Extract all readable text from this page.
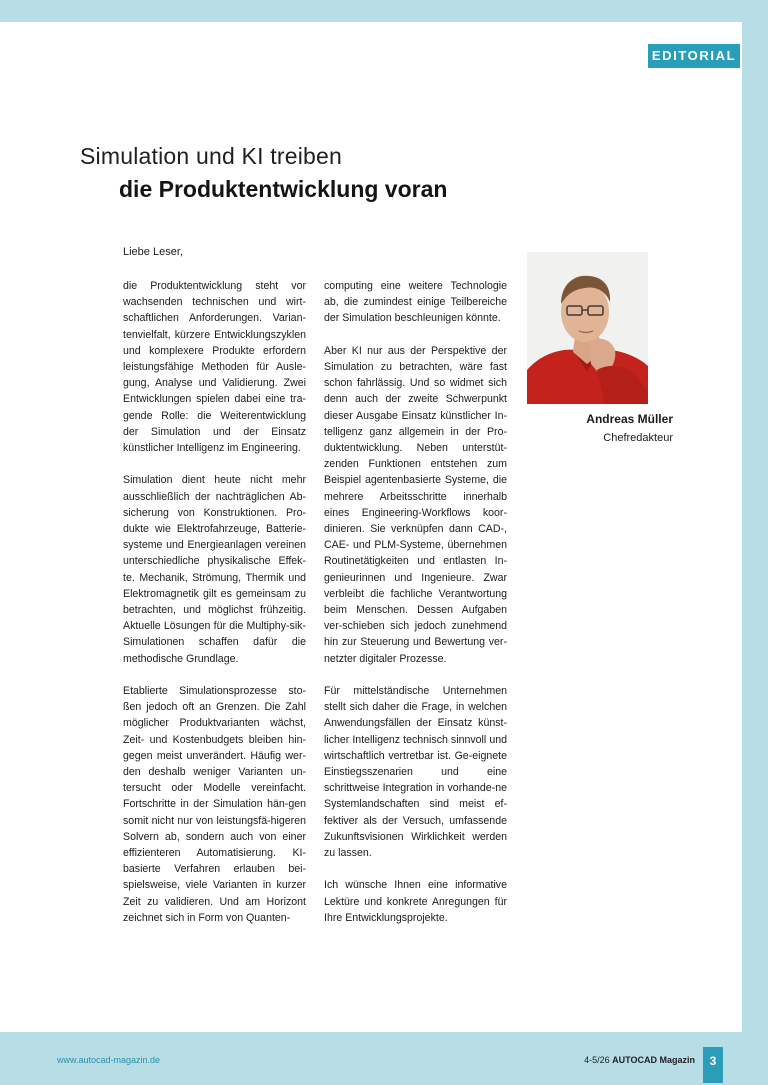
EDITORIAL
Simulation und KI treiben
die Produktentwicklung voran
Liebe Leser,

die Produktentwicklung steht vor wachsenden technischen und wirt-schaftlichen Anforderungen. Varian-tenvielfalt, kürzere Entwicklungszyklen und komplexere Produkte erfordern leistungsfähige Methoden für Ausle-gung, Analyse und Validierung. Zwei Entwicklungen spielen dabei eine tra-gende Rolle: die Weiterentwicklung der Simulation und der Einsatz künstlicher Intelligenz im Engineering.

Simulation dient heute nicht mehr ausschließlich der nachträglichen Ab-sicherung von Konstruktionen. Pro-dukte wie Elektrofahrzeuge, Batterie-systeme und Energieanlagen vereinen unterschiedliche physikalische Effek-te. Mechanik, Strömung, Thermik und Elektromagnetik gilt es gemeinsam zu betrachten, und möglichst frühzeitig. Aktuelle Lösungen für die Multiphy-sik-Simulationen schaffen dafür die methodische Grundlage.

Etablierte Simulationsprozesse sto-ßen jedoch oft an Grenzen. Die Zahl möglicher Produktvarianten wächst, Zeit- und Kostenbudgets bleiben hin-gegen meist unverändert. Häufig wer-den deshalb weniger Varianten un-tersucht oder Modelle vereinfacht. Fortschritte in der Simulation hän-gen somit nicht nur von leistungsfä-higeren Solvern ab, sondern auch von einer effizienteren Automatisierung. KI-basierte Verfahren erlauben bei-spielsweise, viele Varianten in kurzer Zeit zu validieren. Und am Horizont zeichnet sich in Form von Quanten-

computing eine weitere Technologie ab, die zumindest einige Teilbereiche der Simulation beschleunigen könnte.

Aber KI nur aus der Perspektive der Simulation zu betrachten, wäre fast schon fahrlässig. Und so widmet sich denn auch der zweite Schwerpunkt dieser Ausgabe Einsatz künstlicher In-telligenz ganz allgemein in der Pro-duktentwicklung. Neben unterstüt-zenden Funktionen entstehen zum Beispiel agentenbasierte Systeme, die mehrere Arbeitsschritte innerhalb eines Engineering-Workflows koor-dinieren. Sie verknüpfen dann CAD-, CAE- und PLM-Systeme, übernehmen Routinetätigkeiten und entlasten In-genieurinnen und Ingenieure. Zwar verbleibt die fachliche Verantwortung beim Menschen. Dessen Aufgaben ver-schieben sich jedoch zunehmend hin zur Steuerung und Bewertung ver-netzter digitaler Prozesse.

Für mittelständische Unternehmen stellt sich daher die Frage, in welchen Anwendungsfällen der Einsatz künst-licher Intelligenz technisch sinnvoll und wirtschaftlich vertretbar ist. Ge-eignete Einstiegsszenarien und eine schrittweise Integration in vorhande-ne Systemlandschaften sind meist ef-fektiver als der Versuch, umfassende Zukunftsvisionen Wirklichkeit werden zu lassen.

Ich wünsche Ihnen eine informative Lektüre und konkrete Anregungen für Ihre Entwicklungsprojekte.

Andreas Müller
Chefredakteur
www.autocad-magazin.de	4-5/26 AUTOCAD Magazin	3
